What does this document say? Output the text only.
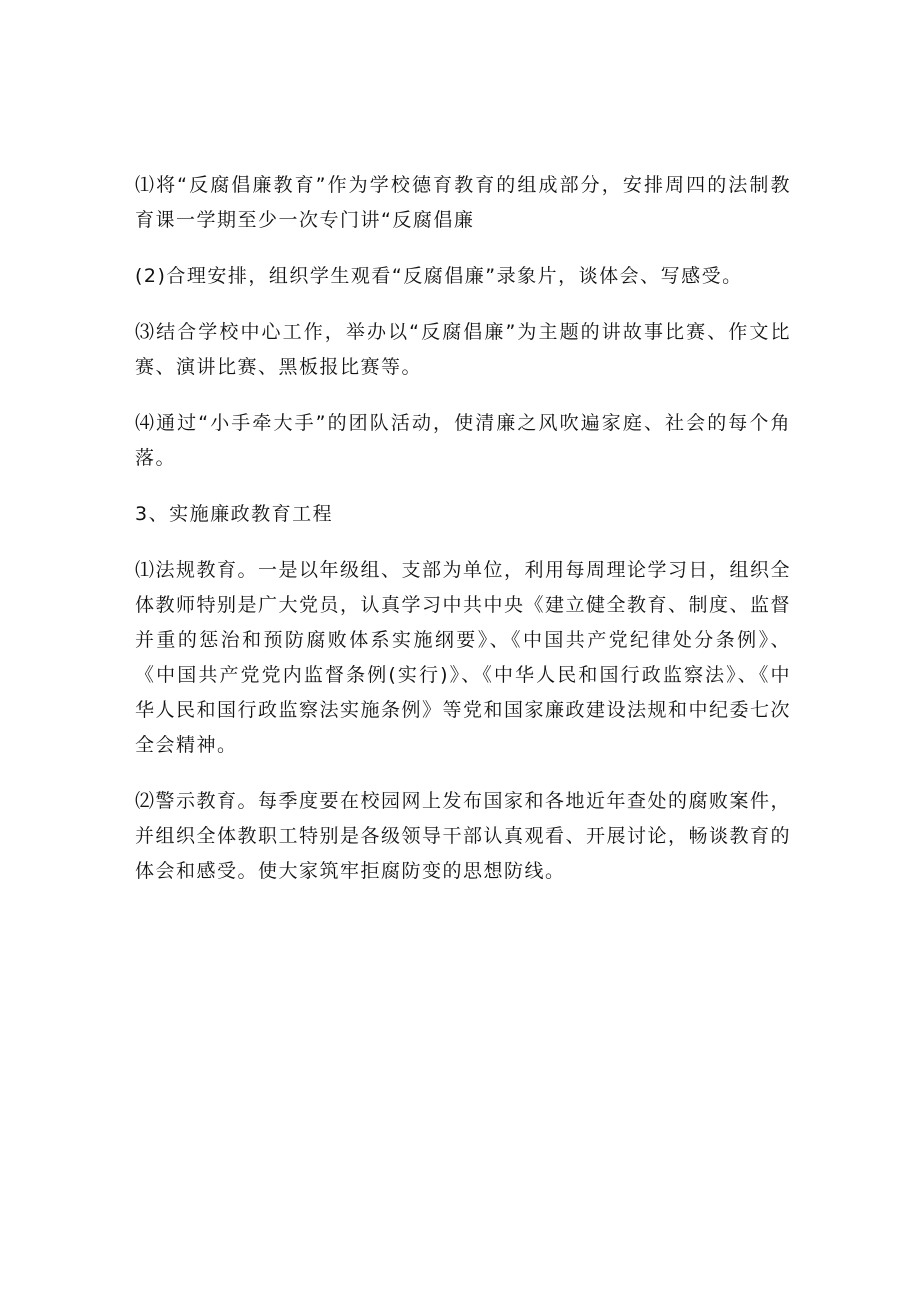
⑴将“反腐倡廉教育”作为学校德育教育的组成部分，安排周四的法制教育课一学期至少一次专门讲“反腐倡廉

(2)合理安排，组织学生观看“反腐倡廉”录象片，谈体会、写感受。

⑶结合学校中心工作，举办以“反腐倡廉”为主题的讲故事比赛、作文比赛、演讲比赛、黑板报比赛等。

⑷通过“小手牵大手”的团队活动，使清廉之风吹遍家庭、社会的每个角落。

3、实施廉政教育工程

⑴法规教育。一是以年级组、支部为单位，利用每周理论学习日，组织全体教师特别是广大党员，认真学习中共中央《建立健全教育、制度、监督并重的惩治和预防腐败体系实施纲要》、《中国共产党纪律处分条例》、《中国共产党党内监督条例(实行)》、《中华人民和国行政监察法》、《中华人民和国行政监察法实施条例》等党和国家廉政建设法规和中纪委七次全会精神。

⑵警示教育。每季度要在校园网上发布国家和各地近年查处的腐败案件，并组织全体教职工特别是各级领导干部认真观看、开展讨论，畅谈教育的体会和感受。使大家筑牢拒腐防变的思想防线。
